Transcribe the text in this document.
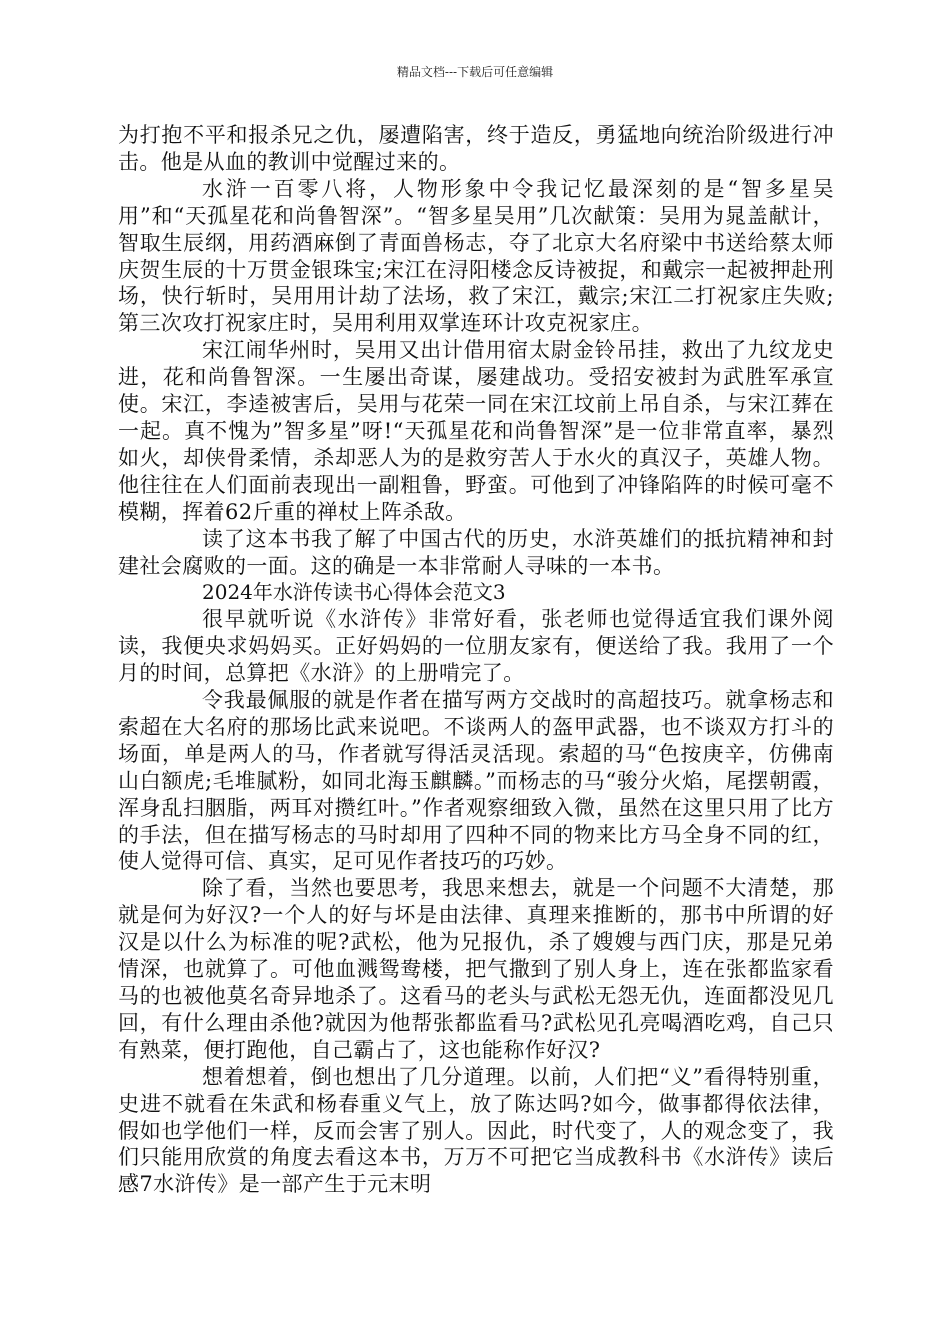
精品文档---下载后可任意编辑

为打抱不平和报杀兄之仇，屡遭陷害，终于造反，勇猛地向统治阶级进行冲击。他是从血的教训中觉醒过来的。

水浒一百零八将，人物形象中令我记忆最深刻的是“智多星吴用”和“天孤星花和尚鲁智深”。“智多星吴用”几次献策：吴用为晁盖献计，智取生辰纲，用药酒麻倒了青面兽杨志，夺了北京大名府梁中书送给蔡太师庆贺生辰的十万贯金银珠宝;宋江在浔阳楼念反诗被捉，和戴宗一起被押赴刑场，快行斩时，吴用用计劫了法场，救了宋江，戴宗;宋江二打祝家庄失败;第三次攻打祝家庄时，吴用利用双掌连环计攻克祝家庄。

宋江闹华州时，吴用又出计借用宿太尉金铃吊挂，救出了九纹龙史进，花和尚鲁智深。一生屡出奇谋，屡建战功。受招安被封为武胜军承宣使。宋江，李逵被害后，吴用与花荣一同在宋江坟前上吊自杀，与宋江葬在一起。真不愧为”智多星”呀!“天孤星花和尚鲁智深”是一位非常直率，暴烈如火，却侠骨柔情，杀却恶人为的是救穷苦人于水火的真汉子，英雄人物。他往往在人们面前表现出一副粗鲁，野蛮。可他到了冲锋陷阵的时候可毫不模糊，挥着62斤重的禅杖上阵杀敌。

读了这本书我了解了中国古代的历史，水浒英雄们的抵抗精神和封建社会腐败的一面。这的确是一本非常耐人寻味的一本书。

2024年水浒传读书心得体会范文3

很早就听说《水浒传》非常好看，张老师也觉得适宜我们课外阅读，我便央求妈妈买。正好妈妈的一位朋友家有，便送给了我。我用了一个月的时间，总算把《水浒》的上册啃完了。

令我最佩服的就是作者在描写两方交战时的高超技巧。就拿杨志和索超在大名府的那场比武来说吧。不谈两人的盔甲武器，也不谈双方打斗的场面，单是两人的马，作者就写得活灵活现。索超的马“色按庚辛，仿佛南山白额虎;毛堆腻粉，如同北海玉麒麟。”而杨志的马“骏分火焰，尾摆朝霞，浑身乱扫胭脂，两耳对攒红叶。”作者观察细致入微，虽然在这里只用了比方的手法，但在描写杨志的马时却用了四种不同的物来比方马全身不同的红，使人觉得可信、真实，足可见作者技巧的巧妙。

除了看，当然也要思考，我思来想去，就是一个问题不大清楚，那就是何为好汉?一个人的好与坏是由法律、真理来推断的，那书中所谓的好汉是以什么为标准的呢?武松，他为兄报仇，杀了嫂嫂与西门庆，那是兄弟情深，也就算了。可他血溅鸳鸯楼，把气撒到了别人身上，连在张都监家看马的也被他莫名奇异地杀了。这看马的老头与武松无怨无仇，连面都没见几回，有什么理由杀他?就因为他帮张都监看马?武松见孔亮喝酒吃鸡，自己只有熟菜，便打跑他，自己霸占了，这也能称作好汉?

想着想着，倒也想出了几分道理。以前，人们把“义”看得特别重，史进不就看在朱武和杨春重义气上，放了陈达吗?如今，做事都得依法律，假如也学他们一样，反而会害了别人。因此，时代变了，人的观念变了，我们只能用欣赏的角度去看这本书，万万不可把它当成教科书《水浒传》读后感7水浒传》是一部产生于元末明
